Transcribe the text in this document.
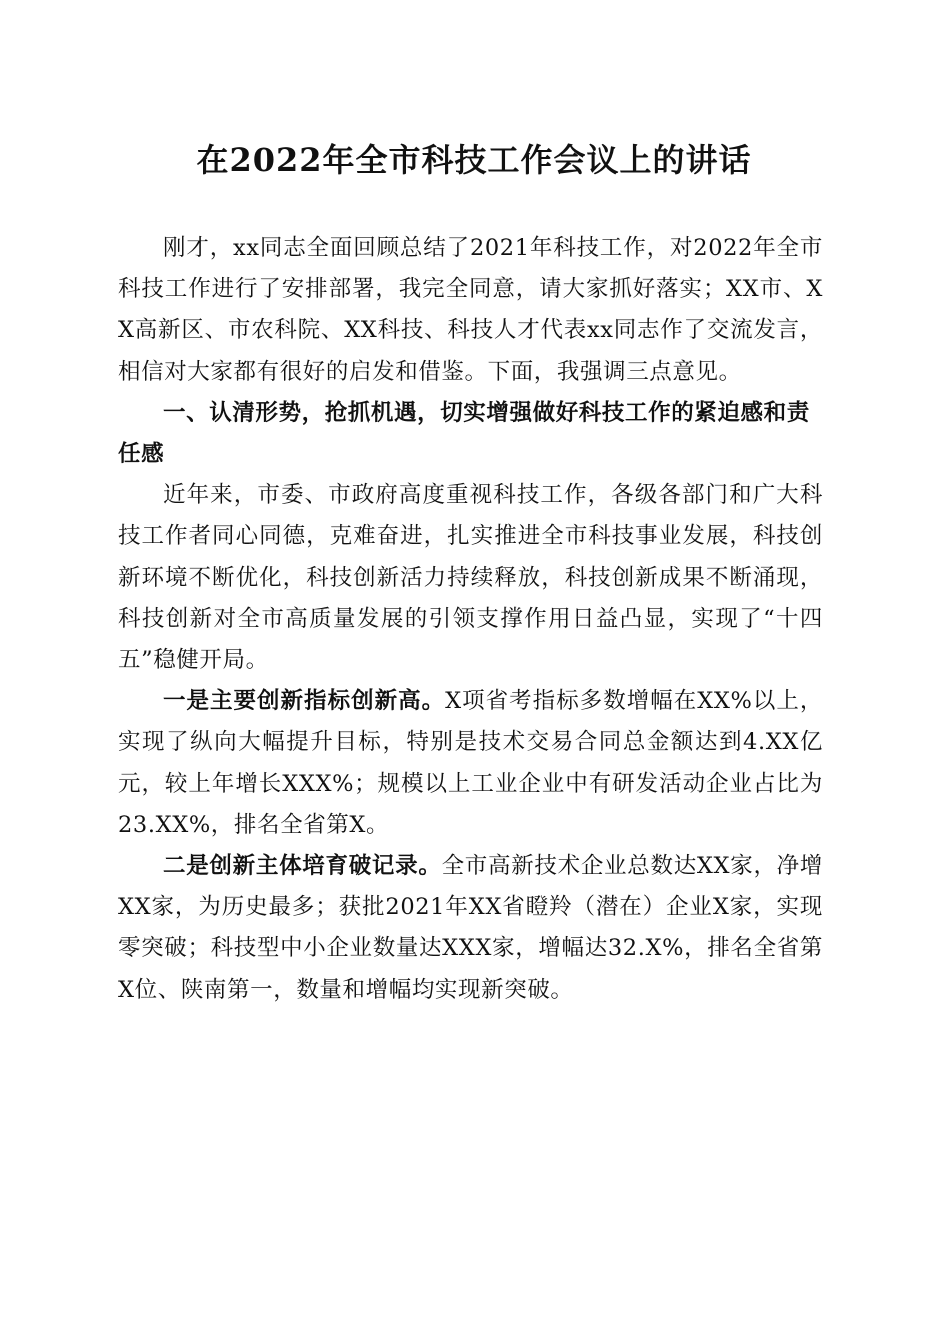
在2022年全市科技工作会议上的讲话

刚才，xx同志全面回顾总结了2021年科技工作，对2022年全市科技工作进行了安排部署，我完全同意，请大家抓好落实；XX市、XX高新区、市农科院、XX科技、科技人才代表xx同志作了交流发言，相信对大家都有很好的启发和借鉴。下面，我强调三点意见。

一、认清形势，抢抓机遇，切实增强做好科技工作的紧迫感和责任感

近年来，市委、市政府高度重视科技工作，各级各部门和广大科技工作者同心同德，克难奋进，扎实推进全市科技事业发展，科技创新环境不断优化，科技创新活力持续释放，科技创新成果不断涌现，科技创新对全市高质量发展的引领支撑作用日益凸显，实现了“十四五”稳健开局。

一是主要创新指标创新高。X项省考指标多数增幅在XX%以上，实现了纵向大幅提升目标，特别是技术交易合同总金额达到4.XX亿元，较上年增长XXX%；规模以上工业企业中有研发活动企业占比为23.XX%，排名全省第X。

二是创新主体培育破记录。全市高新技术企业总数达XX家，净增XX家，为历史最多；获批2021年XX省瞪羚（潜在）企业X家，实现零突破；科技型中小企业数量达XXX家，增幅达32.X%，排名全省第X位、陕南第一，数量和增幅均实现新突破。
